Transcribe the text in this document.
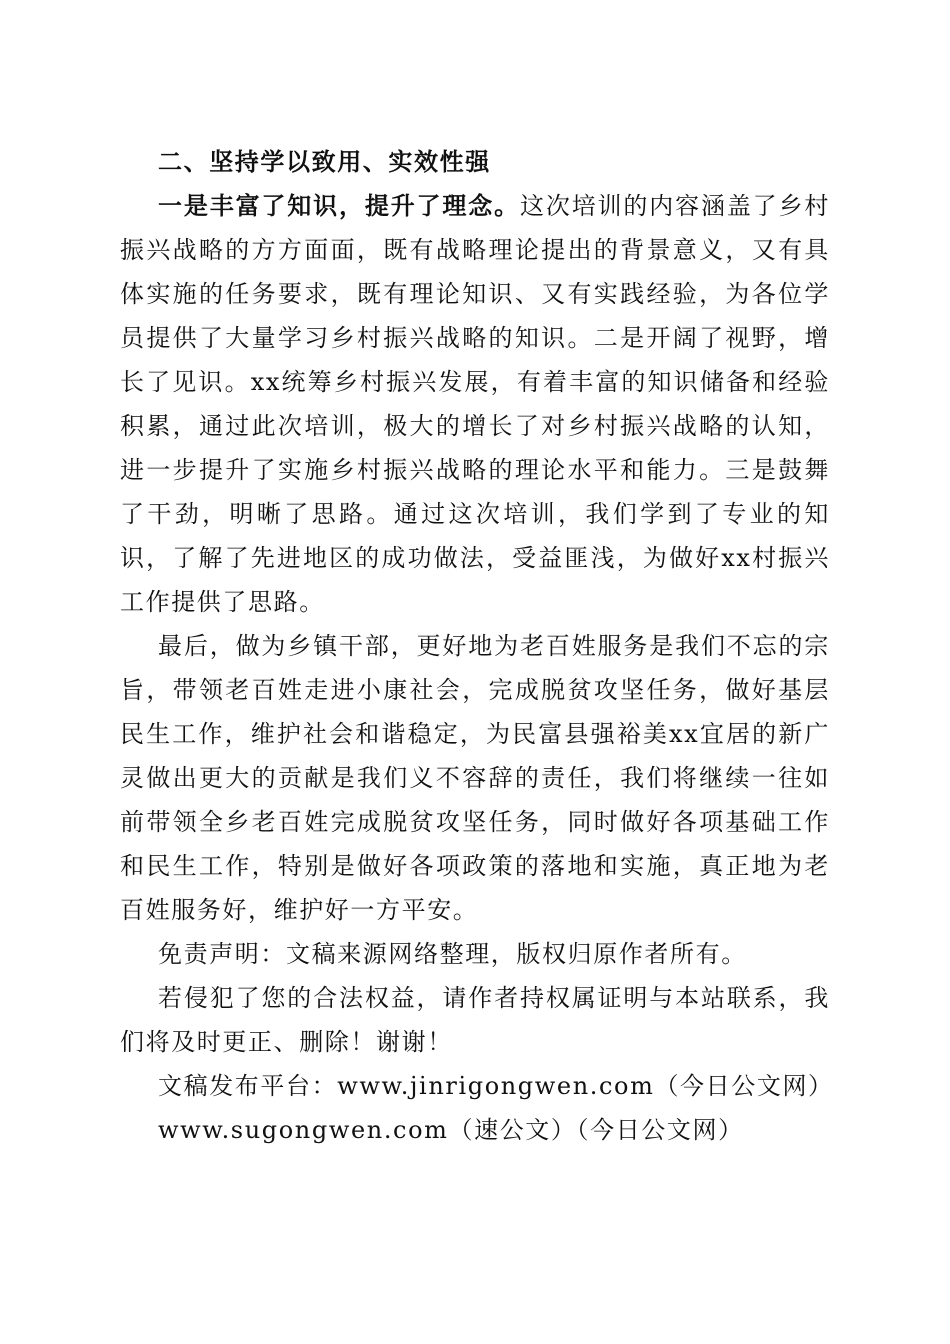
二、坚持学以致用、实效性强

一是丰富了知识，提升了理念。这次培训的内容涵盖了乡村振兴战略的方方面面，既有战略理论提出的背景意义，又有具体实施的任务要求，既有理论知识、又有实践经验，为各位学员提供了大量学习乡村振兴战略的知识。二是开阔了视野，增长了见识。xx统筹乡村振兴发展，有着丰富的知识储备和经验积累，通过此次培训，极大的增长了对乡村振兴战略的认知，进一步提升了实施乡村振兴战略的理论水平和能力。三是鼓舞了干劲，明晰了思路。通过这次培训，我们学到了专业的知识，了解了先进地区的成功做法，受益匪浅，为做好xx村振兴工作提供了思路。

最后，做为乡镇干部，更好地为老百姓服务是我们不忘的宗旨，带领老百姓走进小康社会，完成脱贫攻坚任务，做好基层民生工作，维护社会和谐稳定，为民富县强裕美xx宜居的新广灵做出更大的贡献是我们义不容辞的责任，我们将继续一往如前带领全乡老百姓完成脱贫攻坚任务，同时做好各项基础工作和民生工作，特别是做好各项政策的落地和实施，真正地为老百姓服务好，维护好一方平安。

免责声明：文稿来源网络整理，版权归原作者所有。

若侵犯了您的合法权益，请作者持权属证明与本站联系，我们将及时更正、删除！谢谢！

文稿发布平台：www.jinrigongwen.com（今日公文网）

www.sugongwen.com（速公文）（今日公文网）
